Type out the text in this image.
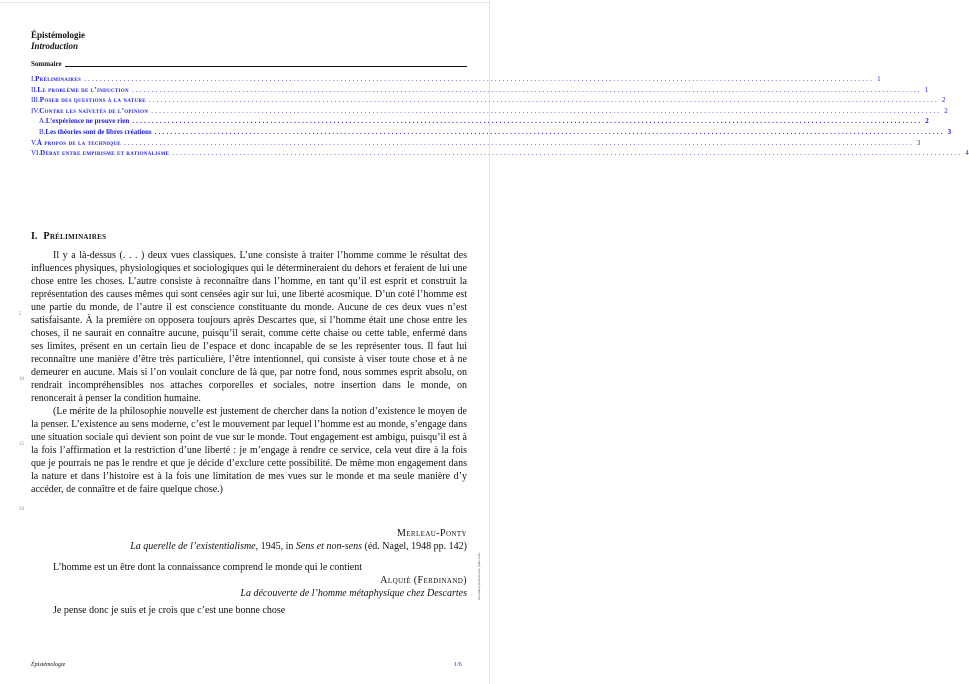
Épistémologie
Introduction
Sommaire
I. Préliminaires ........................................................................................................................................................................................................ 1
II. Le problème de l’induction ........................................................................................................................................................................................................ 1
III. Poser des questions à la nature ........................................................................................................................................................................................................ 2
IV. Contre les naïvetés de l’opinion ........................................................................................................................................................................................................ 2
A. L’expérience ne prouve rien ........................................................................................................................................................................................................ 2
B. Les théories sont de libres créations ........................................................................................................................................................................................................ 3
V. À propos de la technique ........................................................................................................................................................................................................ 3
VI. Débat entre empirisme et rationalisme ........................................................................................................................................................................................................ 4
I. Préliminaires

Il y a là-dessus (. . . ) deux vues classiques. L’une consiste à traiter l’homme comme le résultat des influences physiques, physiologiques et sociologiques qui le détermineraient du dehors et feraient de lui une chose entre les choses. L’autre consiste à reconnaître dans l’homme, en tant qu’il est esprit et construit la représentation des causes mêmes qui sont censées agir sur lui, une liberté acosmique. D’un coté l’homme est une partie du monde, de l’autre il est conscience constituante du monde. Aucune de ces deux vues n’est satisfaisante. À la première on opposera toujours après Descartes que, si l’homme était une chose entre les choses, il ne saurait en connaître aucune, puisqu’il serait, comme cette chaise ou cette table, enfermé dans ses limites, présent en un certain lieu de l’espace et donc incapable de se les représenter tous. Il faut lui reconnaître une manière d’être très particulière, l’être intentionnel, qui consiste à viser toute chose et à ne demeurer en aucune. Mais si l’on voulait conclure de là que, par notre fond, nous sommes esprit absolu, on rendrait incompréhensibles nos attaches corporelles et sociales, notre insertion dans le monde, on renoncerait à penser la condition humaine.

(Le mérite de la philosophie nouvelle est justement de chercher dans la notion d’existence le moyen de la penser. L’existence au sens moderne, c’est le mouvement par lequel l’homme est au monde, s’engage dans une situation sociale qui devient son point de vue sur le monde. Tout engagement est ambigu, puisqu’il est à la fois l’affirmation et la restriction d’une liberté : je m’engage à rendre ce service, cela veut dire à la fois que je pourrais ne pas le rendre et que je décide d’exclure cette possibilité. De même mon engagement dans la nature et dans l’histoire est à la fois une limitation de mes vues sur le monde et ma seule manière d’y accéder, de connaître et de faire quelque chose.)

5
10
15
20
Merleau-Ponty
La querelle de l’existentialisme, 1945, in Sens et non-sens (éd. Nagel, 1948 pp. 142)
L’homme est un être dont la connaissance comprend le monde qui le contient
Alquié (Ferdinand)
La découverte de l’homme métaphysique chez Descartes
Je pense donc je suis et je crois que c’est une bonne chose
Épistémologie	1/6
document produit avec philo-labo
